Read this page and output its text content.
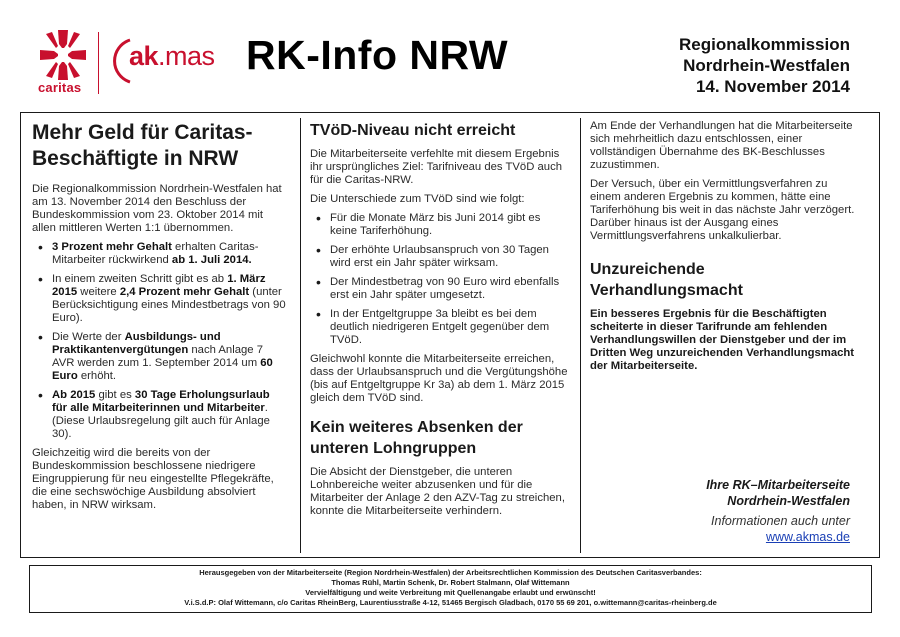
caritas
ak.mas RK-Info NRW	Regionalkommission
Nordrhein-Westfalen
14. November 2014
Mehr Geld für Caritas-Beschäftigte in NRW

Die Regionalkommission Nordrhein-Westfalen hat am 13. November 2014 den Beschluss der Bundeskommission vom 23. Oktober 2014 mit allen mittleren Werten 1:1 übernommen.

• 3 Prozent mehr Gehalt erhalten Caritas-Mitarbeiter rückwirkend ab 1. Juli 2014.
• In einem zweiten Schritt gibt es ab 1. März 2015 weitere 2,4 Prozent mehr Gehalt (unter Berücksichtigung eines Mindestbetrags von 90 Euro).
• Die Werte der Ausbildungs- und Praktikantenvergütungen nach Anlage 7 AVR werden zum 1. September 2014 um 60 Euro erhöht.
• Ab 2015 gibt es 30 Tage Erholungsurlaub für alle Mitarbeiterinnen und Mitarbeiter. (Diese Urlaubsregelung gilt auch für Anlage 30).

Gleichzeitig wird die bereits von der Bundeskommission beschlossene niedrigere Eingruppierung für neu eingestellte Pflegekräfte, die eine sechswöchige Ausbildung absolviert haben, in NRW wirksam.

TVöD-Niveau nicht erreicht

Die Mitarbeiterseite verfehlte mit diesem Ergebnis ihr ursprüngliches Ziel: Tarifniveau des TVöD auch für die Caritas-NRW.

Die Unterschiede zum TVöD sind wie folgt:

• Für die Monate März bis Juni 2014 gibt es keine Tariferhöhung.
• Der erhöhte Urlaubsanspruch von 30 Tagen wird erst ein Jahr später wirksam.
• Der Mindestbetrag von 90 Euro wird ebenfalls erst ein Jahr später umgesetzt.
• In der Entgeltgruppe 3a bleibt es bei dem deutlich niedrigeren Entgelt gegenüber dem TVöD.

Gleichwohl konnte die Mitarbeiterseite erreichen, dass der Urlaubsanspruch und die Vergütungshöhe (bis auf Entgeltgruppe Kr 3a) ab dem 1. März 2015 gleich dem TVöD sind.

Kein weiteres Absenken der unteren Lohngruppen

Die Absicht der Dienstgeber, die unteren Lohnbereiche weiter abzusenken und für die Mitarbeiter der Anlage 2 den AZV-Tag zu streichen, konnte die Mitarbeiterseite verhindern.

Am Ende der Verhandlungen hat die Mitarbeiterseite sich mehrheitlich dazu entschlossen, einer vollständigen Übernahme des BK-Beschlusses zuzustimmen.

Der Versuch, über ein Vermittlungsverfahren zu einem anderen Ergebnis zu kommen, hätte eine Tariferhöhung bis weit in das nächste Jahr verzögert. Darüber hinaus ist der Ausgang eines Vermittlungsverfahrens unkalkulierbar.

Unzureichende Verhandlungsmacht

Ein besseres Ergebnis für die Beschäftigten scheiterte in dieser Tarifrunde am fehlenden Verhandlungswillen der Dienstgeber und der im Dritten Weg unzureichenden Verhandlungsmacht der Mitarbeiterseite.

Ihre RK–Mitarbeiterseite
Nordrhein-Westfalen
Informationen auch unter
www.akmas.de
Herausgegeben von der Mitarbeiterseite (Region Nordrhein-Westfalen) der Arbeitsrechtlichen Kommission des Deutschen Caritasverbandes:
Thomas Rühl, Martin Schenk, Dr. Robert Stalmann, Olaf Wittemann
Vervielfältigung und weite Verbreitung mit Quellenangabe erlaubt und erwünscht!
V.i.S.d.P: Olaf Wittemann, c/o Caritas RheinBerg, Laurentiusstraße 4-12, 51465 Bergisch Gladbach, 0170 55 69 201, o.wittemann@caritas-rheinberg.de
